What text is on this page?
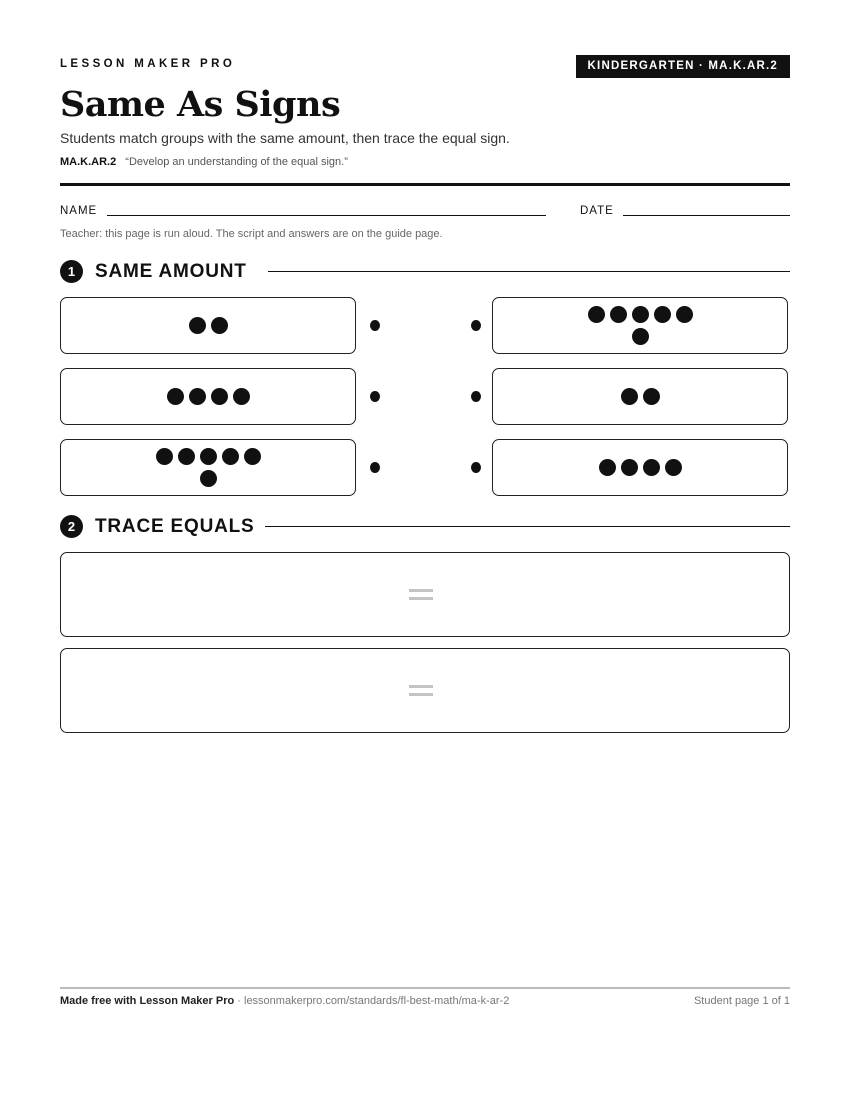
LESSON MAKER PRO	KINDERGARTEN · MA.K.AR.2
Same As Signs
Students match groups with the same amount, then trace the equal sign.
MA.K.AR.2 “Develop an understanding of the equal sign.”
NAME	DATE
Teacher: this page is run aloud. The script and answers are on the guide page.
1	SAME AMOUNT
2	TRACE EQUALS
Made free with Lesson Maker Pro · lessonmakerpro.com/standards/fl-best-math/ma-k-ar-2	Student page 1 of 1
